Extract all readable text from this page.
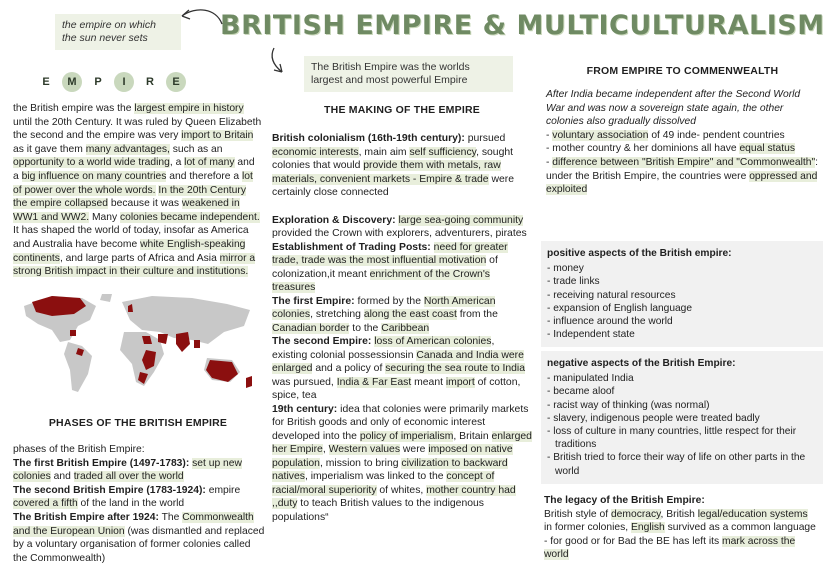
the empire on which
the sun never sets	BRITISH EMPIRE & MULTICULTURALISM
The British Empire was the worlds
largest and most powerful Empire
E	M	P	I	R	E

the British empire was the largest empire in history until the 20th Century. It was ruled by Queen Elizabeth the second and the empire was very import to Britain as it gave them many advantages, such as an opportunity to a world wide trading, a lot of many and a big influence on many countries and therefore a lot of power over the whole words. In the 20th Century the empire collapsed because it was weakened in WW1 and WW2. Many colonies became independent. It has shaped the world of today, insofar as America and Australia have become white English-speaking continents, and large parts of Africa and Asia mirror a strong British impact in their culture and institutions.

PHASES OF THE BRITISH EMPIRE

phases of the British Empire:

The first British Empire (1497-1783): set up new colonies and traded all over the world

The second British Empire (1783-1924): empire covered a fifth of the land in the world

The British Empire after 1924: The Commonwealth and the European Union (was dismantled and replaced by a voluntary organisation of former colonies called the Commonwealth)

THE MAKING OF THE EMPIRE

British colonialism (16th-19th century): pursued economic interests, main aim self sufficiency, sought colonies that would provide them with metals, raw materials, convenient markets - Empire & trade were certainly close connected

Exploration & Discovery: large sea-going community provided the Crown with explorers, adventurers, pirates

Establishment of Trading Posts: need for greater trade, trade was the most influential motivation of colonization,it meant enrichment of the Crown's treasures

The first Empire: formed by the North American colonies, stretching along the east coast from the Canadian border to the Caribbean

The second Empire: loss of American colonies, existing colonial possessionsin Canada and India were enlarged and a policy of securing the sea route to India was pursued, India & Far East meant import of cotton, spice, tea

19th century: idea that colonies were primarily markets for British goods and only of economic interest developed into the policy of imperialism, Britain enlarged her Empire, Western values were imposed on native population, mission to bring civilization to backward natives, imperialism was linked to the concept of racial/moral superiority of whites, mother country had ,,duty to teach British values to the indigenous populations“

FROM EMPIRE TO COMMENWEALTH

After India became independent after the Second World War and was now a sovereign state again, the other colonies also gradually dissolved

- voluntary association of 49 inde- pendent countries

- mother country & her dominions all have equal status

- difference between "British Empire" and "Commonwealth": under the British Empire, the countries were oppressed and exploited

positive aspects of the British empire:
- money
- trade links
- receiving natural resources
- expansion of English language
- influence around the world
- Independent state
negative aspects of the British Empire:
- manipulated India
- became aloof
- racist way of thinking (was normal)
- slavery, indigenous people were treated badly
- loss of culture in many countries, little respect for their traditions
- British tried to force their way of life on other parts in the world

The legacy of the British Empire:

British style of democracy, British legal/education systems in former colonies, English survived as a common language - for good or for Bad the BE has left its mark across the world
